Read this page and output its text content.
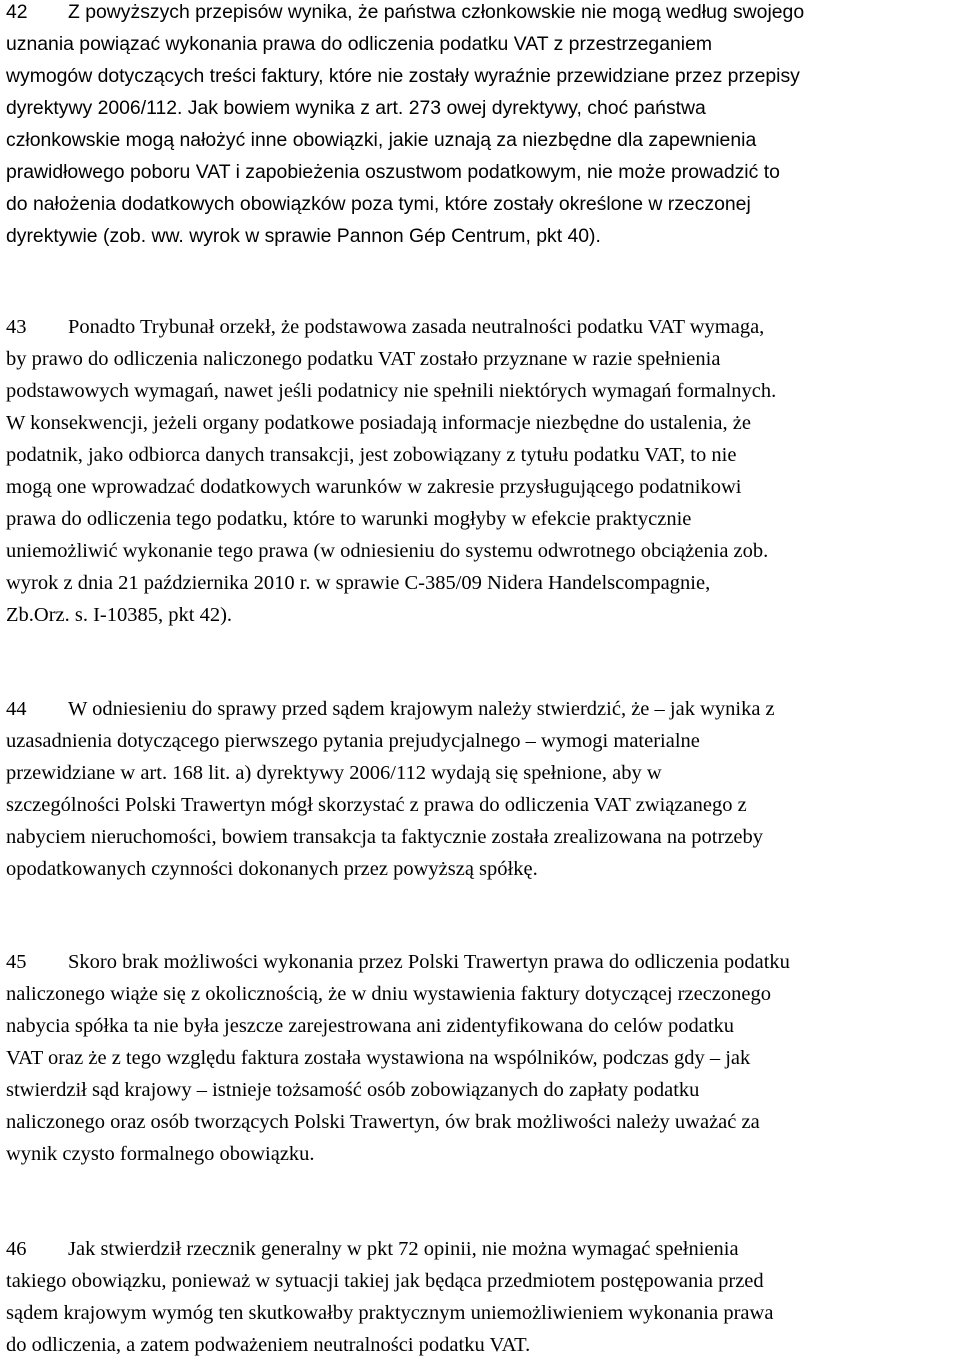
42 Z powyższych przepisów wynika, że państwa członkowskie nie mogą według swojego
uznania powiązać wykonania prawa do odliczenia podatku VAT z przestrzeganiem
wymogów dotyczących treści faktury, które nie zostały wyraźnie przewidziane przez przepisy
dyrektywy 2006/112. Jak bowiem wynika z art. 273 owej dyrektywy, choć państwa
członkowskie mogą nałożyć inne obowiązki, jakie uznają za niezbędne dla zapewnienia
prawidłowego poboru VAT i zapobieżenia oszustwom podatkowym, nie może prowadzić to
do nałożenia dodatkowych obowiązków poza tymi, które zostały określone w rzeczonej
dyrektywie (zob. ww. wyrok w sprawie Pannon Gép Centrum, pkt 40).
43 Ponadto Trybunał orzekł, że podstawowa zasada neutralności podatku VAT wymaga,
by prawo do odliczenia naliczonego podatku VAT zostało przyznane w razie spełnienia
podstawowych wymagań, nawet jeśli podatnicy nie spełnili niektórych wymagań formalnych.
W konsekwencji, jeżeli organy podatkowe posiadają informacje niezbędne do ustalenia, że
podatnik, jako odbiorca danych transakcji, jest zobowiązany z tytułu podatku VAT, to nie
mogą one wprowadzać dodatkowych warunków w zakresie przysługującego podatnikowi
prawa do odliczenia tego podatku, które to warunki mogłyby w efekcie praktycznie
uniemożliwić wykonanie tego prawa (w odniesieniu do systemu odwrotnego obciążenia zob.
wyrok z dnia 21 października 2010 r. w sprawie C‑385/09 Nidera Handelscompagnie,
Zb.Orz. s. I-10385, pkt 42).
44 W odniesieniu do sprawy przed sądem krajowym należy stwierdzić, że – jak wynika z
uzasadnienia dotyczącego pierwszego pytania prejudycjalnego – wymogi materialne
przewidziane w art. 168 lit. a) dyrektywy 2006/112 wydają się spełnione, aby w
szczególności Polski Trawertyn mógł skorzystać z prawa do odliczenia VAT związanego z
nabyciem nieruchomości, bowiem transakcja ta faktycznie została zrealizowana na potrzeby
opodatkowanych czynności dokonanych przez powyższą spółkę.
45 Skoro brak możliwości wykonania przez Polski Trawertyn prawa do odliczenia podatku
naliczonego wiąże się z okolicznością, że w dniu wystawienia faktury dotyczącej rzeczonego
nabycia spółka ta nie była jeszcze zarejestrowana ani zidentyfikowana do celów podatku
VAT oraz że z tego względu faktura została wystawiona na wspólników, podczas gdy – jak
stwierdził sąd krajowy – istnieje tożsamość osób zobowiązanych do zapłaty podatku
naliczonego oraz osób tworzących Polski Trawertyn, ów brak możliwości należy uważać za
wynik czysto formalnego obowiązku.
46 Jak stwierdził rzecznik generalny w pkt 72 opinii, nie można wymagać spełnienia
takiego obowiązku, ponieważ w sytuacji takiej jak będąca przedmiotem postępowania przed
sądem krajowym wymóg ten skutkowałby praktycznym uniemożliwieniem wykonania prawa
do odliczenia, a zatem podważeniem neutralności podatku VAT.
